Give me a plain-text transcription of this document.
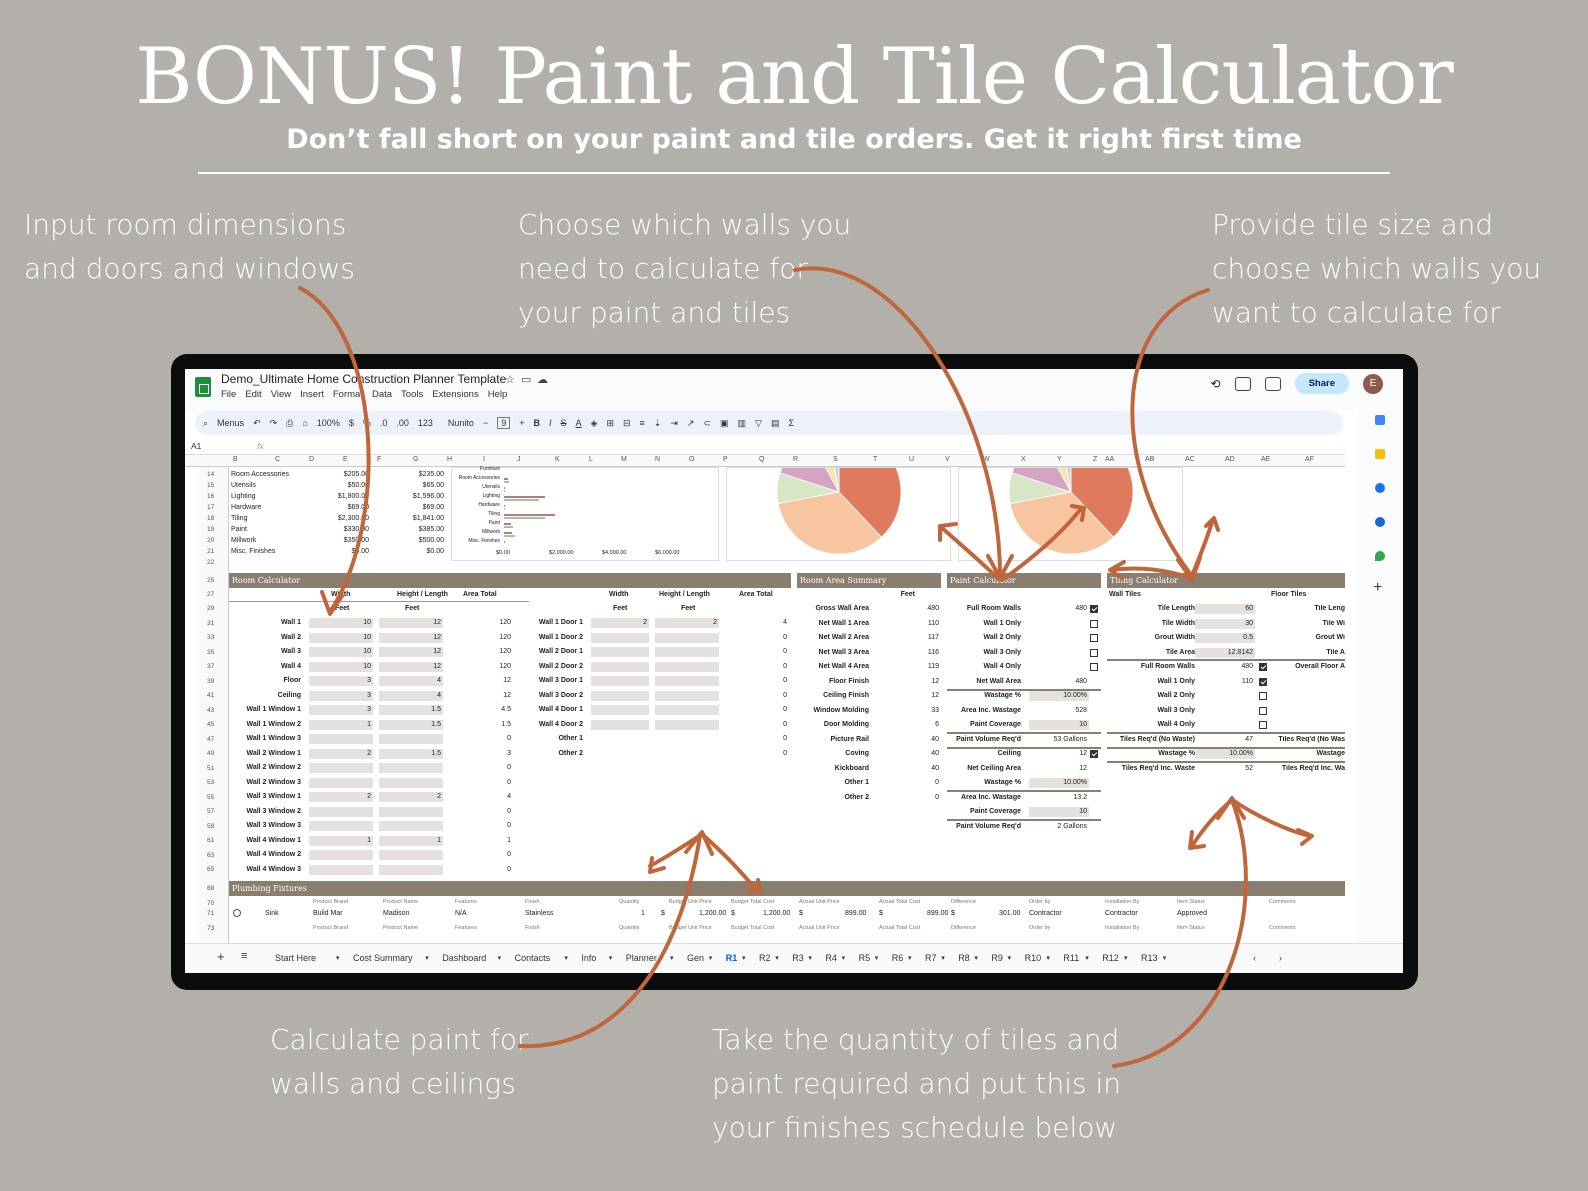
BONUS! Paint and Tile Calculator
Don’t fall short on your paint and tile orders. Get it right first time
Input room dimensions
and doors and windows
Choose which walls you
need to calculate for
your paint and tiles
Provide tile size and
choose which walls you
want to calculate for
Calculate paint for
walls and ceilings
Take the quantity of tiles and
paint required and put this in
your finishes schedule below
Demo_Ultimate Home Construction Planner Template
☆ ▭ ☁
File Edit View Insert Format Data Tools Extensions Help
⟲	Share	E
⌕ Menus ↶ ↷ ⎙ ⌂ 100% $ % .0 .00 123 Nunito −	9	+ B I S A ◈ ⊞ ⊟ ≡ ⇣ ⇥ ↗ ⊂ ▣ ▥ ▽ ▤ Σ
A1	fx
B	C	D	E	F	G	H	I	J	K	L	M	N	O	P	Q	R	S	T	U	V	W	X	Y	Z AA	AB	AC	AD	AE	AF
14
15
16
17
18
19
20
21
22
25
27
29
31
33
35
37
39
41
43
45
47
49
51
53
55
57
59
61
63
65
68
70
71
73
Room Accessories	$205.00	$235.00
Utensils	$50.00	$65.00
Lighting	$1,800.00	$1,596.00
Hardware	$69.00	$69.00
Tiling	$2,300.00	$1,841.00
Paint	$330.00	$385.00
Millwork	$350.00	$500.00
Misc. Finishes	$5.00	$0.00
Furniture
Room Accessories
Utensils
Lighting
Hardware
Tiling
Paint
Millwork
Misc. Finishes
$0.00	$2,000.00	$4,000.00	$6,000.00
Room Calculator
Width	Height / Length Area Total
Feet	Feet
Wall 1	10	12	120
Wall 2	10	12	120
Wall 3	10	12	120
Wall 4	10	12	120
Floor	3	4	12
Ceiling	3	4	12
Wall 1 Window 1	3	1.5	4.5
Wall 1 Window 2	1	1.5	1.5
Wall 1 Window 3	0
Wall 2 Window 1	2	1.5	3
Wall 2 Window 2	0
Wall 2 Window 3	0
Wall 3 Window 1	2	2	4
Wall 3 Window 2	0
Wall 3 Window 3	0
Wall 4 Window 1	1	1	1
Wall 4 Window 2	0
Wall 4 Window 3	0
Width	Height / Length	Area Total
Feet	Feet
Wall 1 Door 1	2	2	4
Wall 1 Door 2	0
Wall 2 Door 1	0
Wall 2 Door 2	0
Wall 3 Door 1	0
Wall 3 Door 2	0
Wall 4 Door 1	0
Wall 4 Door 2	0
Other 1	0
Other 2	0
Room Area Summary
Feet
Gross Wall Area	480
Net Wall 1 Area	110
Net Wall 2 Area	117
Net Wall 3 Area	116
Net Wall 4 Area	119
Floor Finish	12
Ceiling Finish	12
Window Molding	33
Door Molding	6
Picture Rail	40
Coving	40
Kickboard	40
Other 1	0
Other 2	0
Paint Calculator
Full Room Walls	480
Wall 1 Only
Wall 2 Only
Wall 3 Only
Wall 4 Only
Net Wall Area	480
Wastage %	10.00%
Area Inc. Wastage	528
Paint Coverage	10
Paint Volume Req'd	53 Gallons
Ceiling	12
Net Ceiling Area	12
Wastage %	10.00%
Area Inc. Wastage	13.2
Paint Coverage	10
Paint Volume Req'd	2 Gallons
Tiling Calculator
Wall Tiles	Floor Tiles
Tile Length	60
Tile Width	30
Grout Width	0.5
Tile Area	12.8142
Full Room Walls	480
Wall 1 Only	110
Wall 2 Only
Wall 3 Only
Wall 4 Only
Tiles Req'd (No Waste)	47
Wastage %	10.00%
Tiles Req'd Inc. Waste	52
Tile Leng
Tile Wi
Grout Wi
Tile A
Overall Floor A
Tiles Req'd (No Was
Wastage
Tiles Req'd Inc. Wa
Plumbing Fixtures
Product Brand	Product Name	Features	Finish	Quantity	Budget Unit Price	Budget Total Cost	Actual Unit Price	Actual Total Cost	Difference	Order by	Installation By	Item Status	Comments
Sink	Build Mar	Madison	N/A	Stainless	1 $	1,200.00 $	1,200.00 $	899.00 $	899.00 $	301.00 Contractor	Contractor	Approved
Product Brand	Product Name	Features	Finish	Quantity	Budget Unit Price	Budget Total Cost	Actual Unit Price	Actual Total Cost	Difference	Order by	Installation By	Item Status	Comments
+
+ ≡	Start Here	▾ Cost Summary ▾ Dashboard ▾ Contacts ▾ Info ▾ Planner ▾ Gen ▾ R1 ▾ R2 ▾ R3 ▾ R4 ▾ R5 ▾ R6 ▾ R7 ▾ R8 ▾ R9 ▾ R10 ▾ R11 ▾ R12 ▾ R13 ▾	‹	›
